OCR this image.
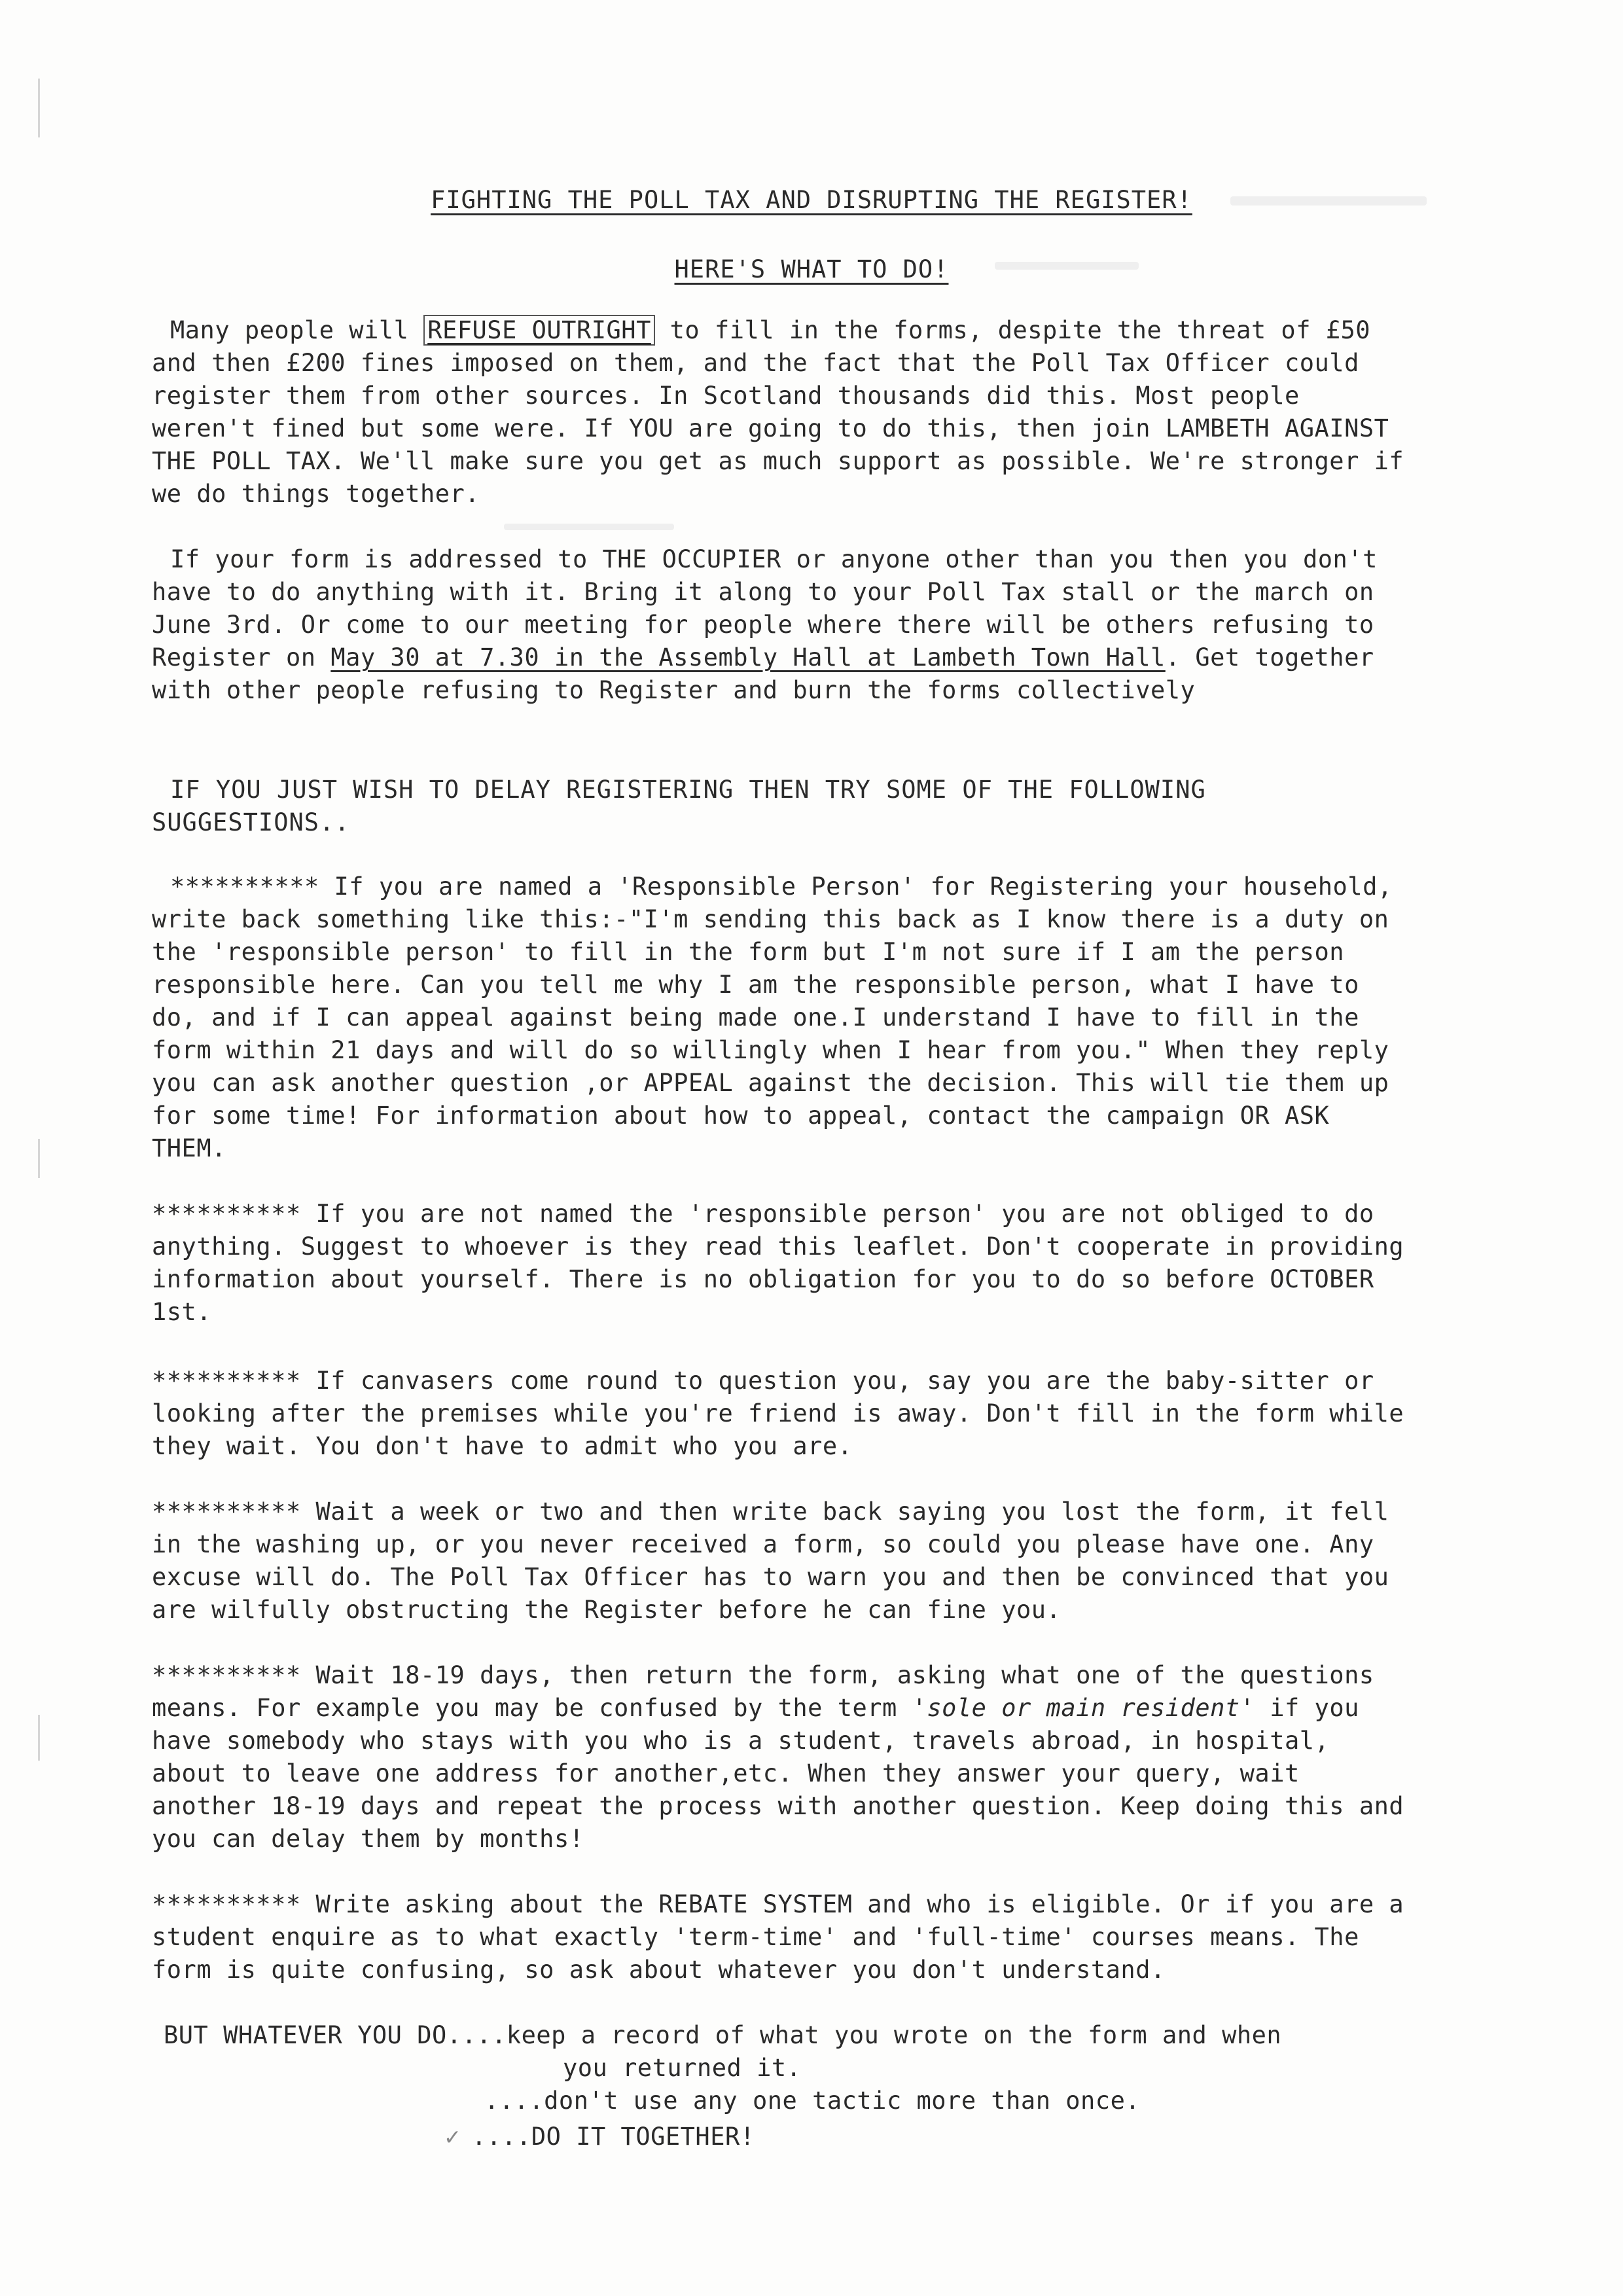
FIGHTING THE POLL TAX AND DISRUPTING THE REGISTER!
HERE'S WHAT TO DO!
Many people will REFUSE OUTRIGHT to fill in the forms, despite the threat of £50 and then £200 fines imposed on them, and the fact that the Poll Tax Officer could register them from other sources. In Scotland thousands did this. Most people weren't fined but some were. If YOU are going to do this, then join LAMBETH AGAINST THE POLL TAX. We'll make sure you get as much support as possible. We're stronger if we do things together.
If your form is addressed to THE OCCUPIER or anyone other than you then you don't have to do anything with it. Bring it along to your Poll Tax stall or the march on June 3rd. Or come to our meeting for people where there will be others refusing to Register on May 30 at 7.30 in the Assembly Hall at Lambeth Town Hall. Get together with other people refusing to Register and burn the forms collectively
IF YOU JUST WISH TO DELAY REGISTERING THEN TRY SOME OF THE FOLLOWING SUGGESTIONS..
********** If you are named a 'Responsible Person' for Registering your household, write back something like this:-"I'm sending this back as I know there is a duty on the 'responsible person' to fill in the form but I'm not sure if I am the person responsible here. Can you tell me why I am the responsible person, what I have to do, and if I can appeal against being made one.I understand I have to fill in the form within 21 days and will do so willingly when I hear from you." When they reply you can ask another question ,or APPEAL against the decision. This will tie them up for some time! For information about how to appeal, contact the campaign OR ASK THEM.
********** If you are not named the 'responsible person' you are not obliged to do anything. Suggest to whoever is they read this leaflet. Don't cooperate in providing information about yourself. There is no obligation for you to do so before OCTOBER 1st.
********** If canvasers come round to question you, say you are the baby-sitter or looking after the premises while you're friend is away. Don't fill in the form while they wait. You don't have to admit who you are.
********** Wait a week or two and then write back saying you lost the form, it fell in the washing up, or you never received a form, so could you please have one. Any excuse will do. The Poll Tax Officer has to warn you and then be convinced that you are wilfully obstructing the Register before he can fine you.
********** Wait 18-19 days, then return the form, asking what one of the questions means. For example you may be confused by the term 'sole or main resident' if you have somebody who stays with you who is a student, travels abroad, in hospital, about to leave one address for another,etc. When they answer your query, wait another 18-19 days and repeat the process with another question. Keep doing this and you can delay them by months!
********** Write asking about the REBATE SYSTEM and who is eligible. Or if you are a student enquire as to what exactly 'term-time' and 'full-time' courses means. The form is quite confusing, so ask about whatever you don't understand.
BUT WHATEVER YOU DO....keep a record of what you wrote on the form and when
you returned it.
....don't use any one tactic more than once.
✓ ....DO IT TOGETHER!
